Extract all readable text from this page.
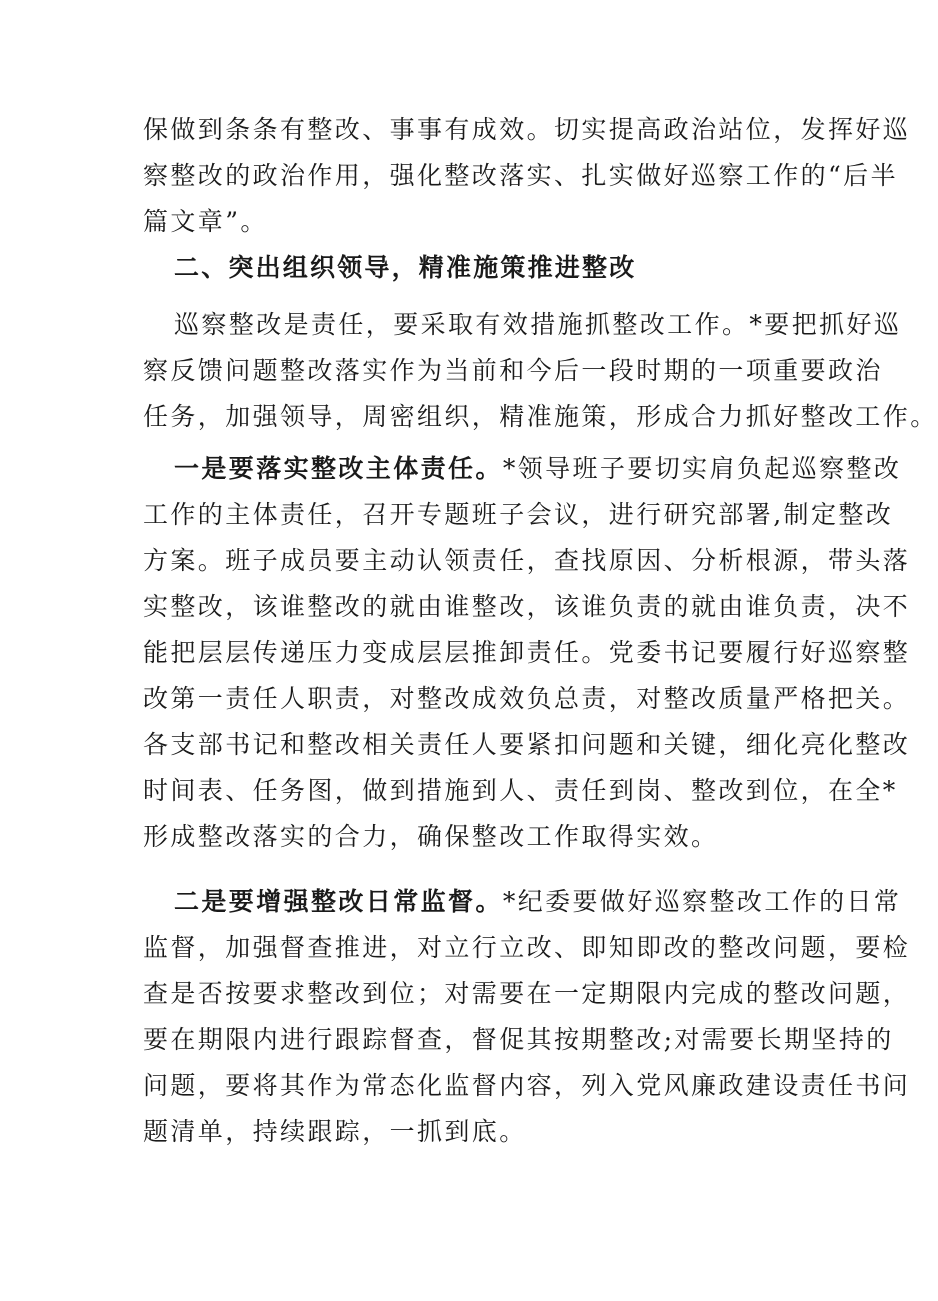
保做到条条有整改、事事有成效。切实提高政治站位，发挥好巡
察整改的政治作用，强化整改落实、扎实做好巡察工作的“后半
篇文章”。
二、突出组织领导，精准施策推进整改
巡察整改是责任，要采取有效措施抓整改工作。*要把抓好巡
察反馈问题整改落实作为当前和今后一段时期的一项重要政治
任务，加强领导，周密组织，精准施策，形成合力抓好整改工作。
一是要落实整改主体责任。*领导班子要切实肩负起巡察整改
工作的主体责任，召开专题班子会议，进行研究部署,制定整改
方案。班子成员要主动认领责任，查找原因、分析根源，带头落
实整改，该谁整改的就由谁整改，该谁负责的就由谁负责，决不
能把层层传递压力变成层层推卸责任。党委书记要履行好巡察整
改第一责任人职责，对整改成效负总责，对整改质量严格把关。
各支部书记和整改相关责任人要紧扣问题和关键，细化亮化整改
时间表、任务图，做到措施到人、责任到岗、整改到位，在全*
形成整改落实的合力，确保整改工作取得实效。
二是要增强整改日常监督。*纪委要做好巡察整改工作的日常
监督，加强督查推进，对立行立改、即知即改的整改问题，要检
查是否按要求整改到位；对需要在一定期限内完成的整改问题，
要在期限内进行跟踪督查，督促其按期整改;对需要长期坚持的
问题，要将其作为常态化监督内容，列入党风廉政建设责任书问
题清单，持续跟踪，一抓到底。
